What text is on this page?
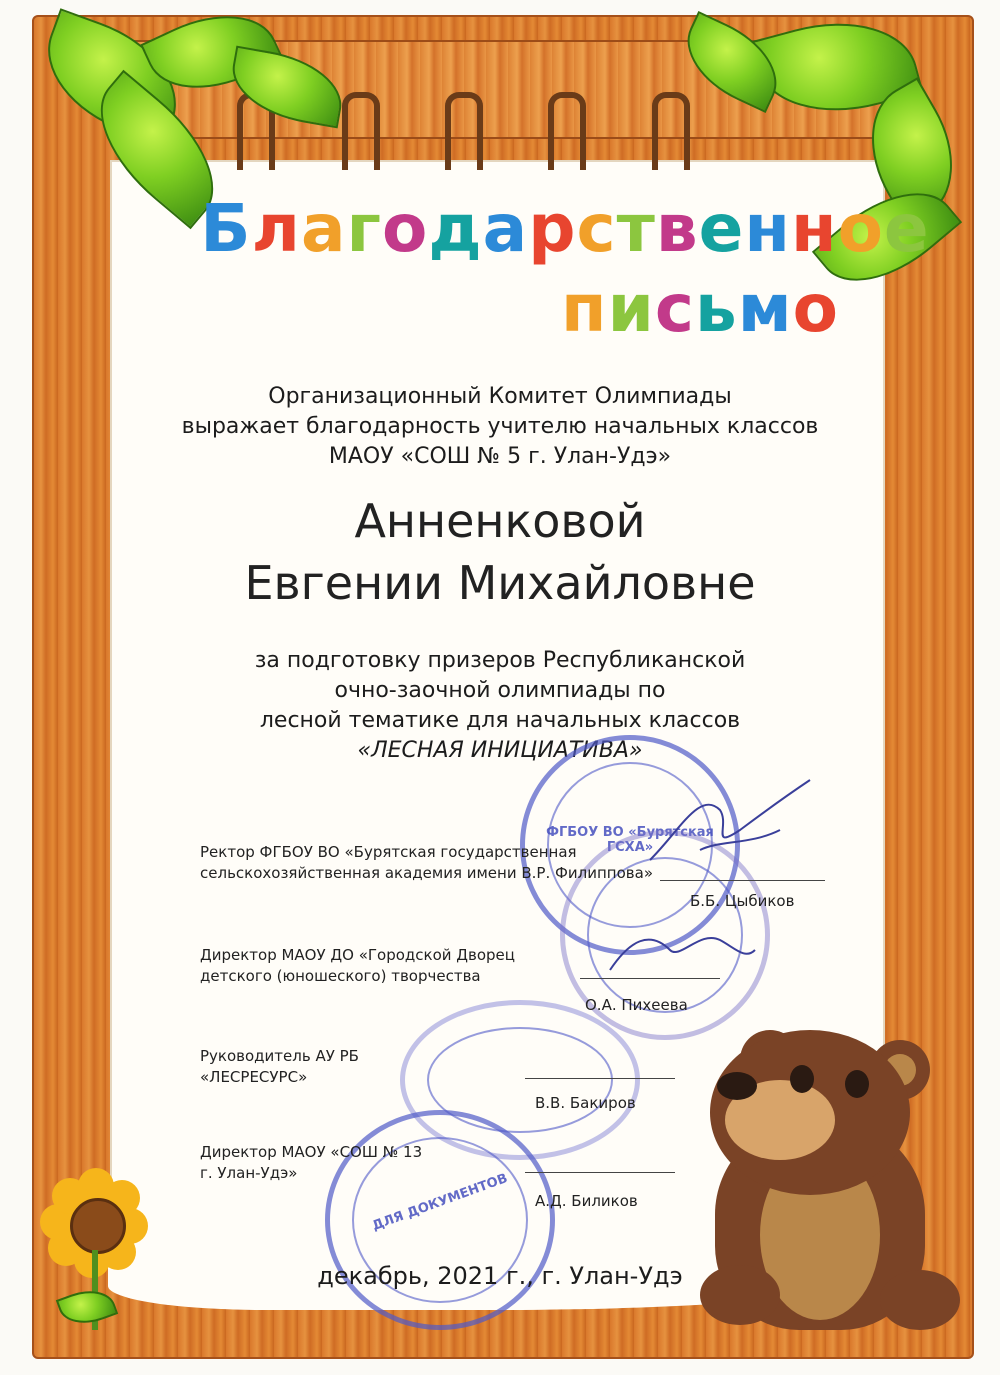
Благодарственное
письмо
Организационный Комитет Олимпиады
выражает благодарность учителю начальных классов
МАОУ «СОШ № 5 г. Улан-Удэ»
Анненковой
Евгении Михайловне
за подготовку призеров Республиканской
очно-заочной олимпиады по
лесной тематике для начальных классов
«ЛЕСНАЯ ИНИЦИАТИВА»
ФГБОУ ВО «Бурятская ГСХА»
ДЛЯ ДОКУМЕНТОВ
Ректор ФГБОУ ВО «Бурятская государственная
сельскохозяйственная академия имени В.Р. Филиппова»
Б.Б. Цыбиков
Директор МАОУ ДО «Городской Дворец
детского (юношеского) творчества
О.А. Пихеева
Руководитель АУ РБ
«ЛЕСРЕСУРС»
В.В. Бакиров
Директор МАОУ «СОШ № 13
г. Улан-Удэ»
А.Д. Биликов
декабрь, 2021 г., г. Улан-Удэ
